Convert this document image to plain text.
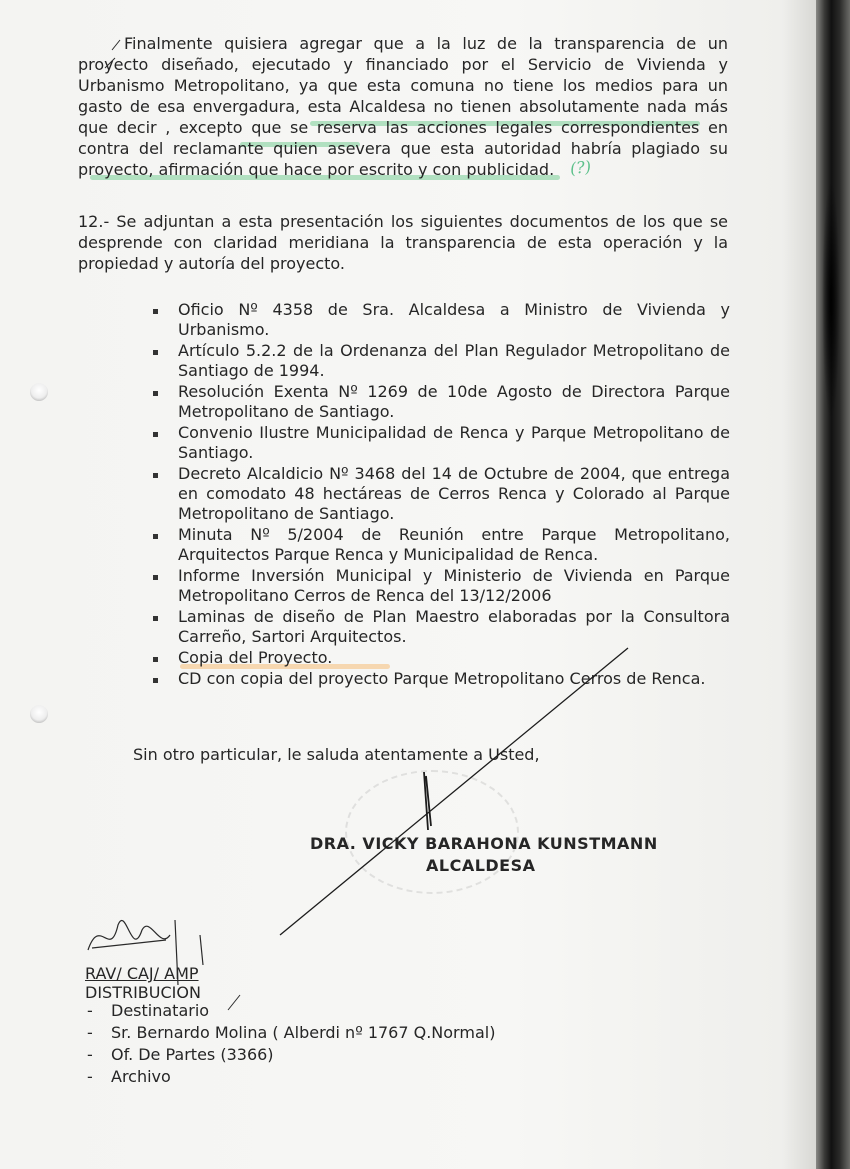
Finalmente quisiera agregar que a la luz de la transparencia de un proyecto diseñado, ejecutado y financiado por el Servicio de Vivienda y Urbanismo Metropolitano, ya que esta comuna no tiene los medios para un gasto de esa envergadura, esta Alcaldesa no tienen absolutamente nada más que decir , excepto que se reserva las acciones legales correspondientes en contra del reclamante quien asevera que esta autoridad habría plagiado su proyecto, afirmación que hace por escrito y con publicidad. (?)

12.- Se adjuntan a esta presentación los siguientes documentos de los que se desprende con claridad meridiana la transparencia de esta operación y la propiedad y autoría del proyecto.

Oficio Nº 4358 de Sra. Alcaldesa a Ministro de Vivienda y Urbanismo.
Artículo 5.2.2 de la Ordenanza del Plan Regulador Metropolitano de Santiago de 1994.
Resolución Exenta Nº 1269 de 10de Agosto de Directora Parque Metropolitano de Santiago.
Convenio Ilustre Municipalidad de Renca y Parque Metropolitano de Santiago.
Decreto Alcaldicio Nº 3468 del 14 de Octubre de 2004, que entrega en comodato 48 hectáreas de Cerros Renca y Colorado al Parque Metropolitano de Santiago.
Minuta Nº 5/2004 de Reunión entre Parque Metropolitano, Arquitectos Parque Renca y Municipalidad de Renca.
Informe Inversión Municipal y Ministerio de Vivienda en Parque Metropolitano Cerros de Renca del 13/12/2006
Laminas de diseño de Plan Maestro elaboradas por la Consultora Carreño, Sartori Arquitectos.
Copia del Proyecto.
CD con copia del proyecto Parque Metropolitano Cerros de Renca.
Sin otro particular, le saluda atentamente a Usted,
DRA. VICKY BARAHONA KUNSTMANN
ALCALDESA
RAV/ CAJ/ AMP
DISTRIBUCION
- Destinatario
- Sr. Bernardo Molina ( Alberdi nº 1767 Q.Normal)
- Of. De Partes (3366)
- Archivo
